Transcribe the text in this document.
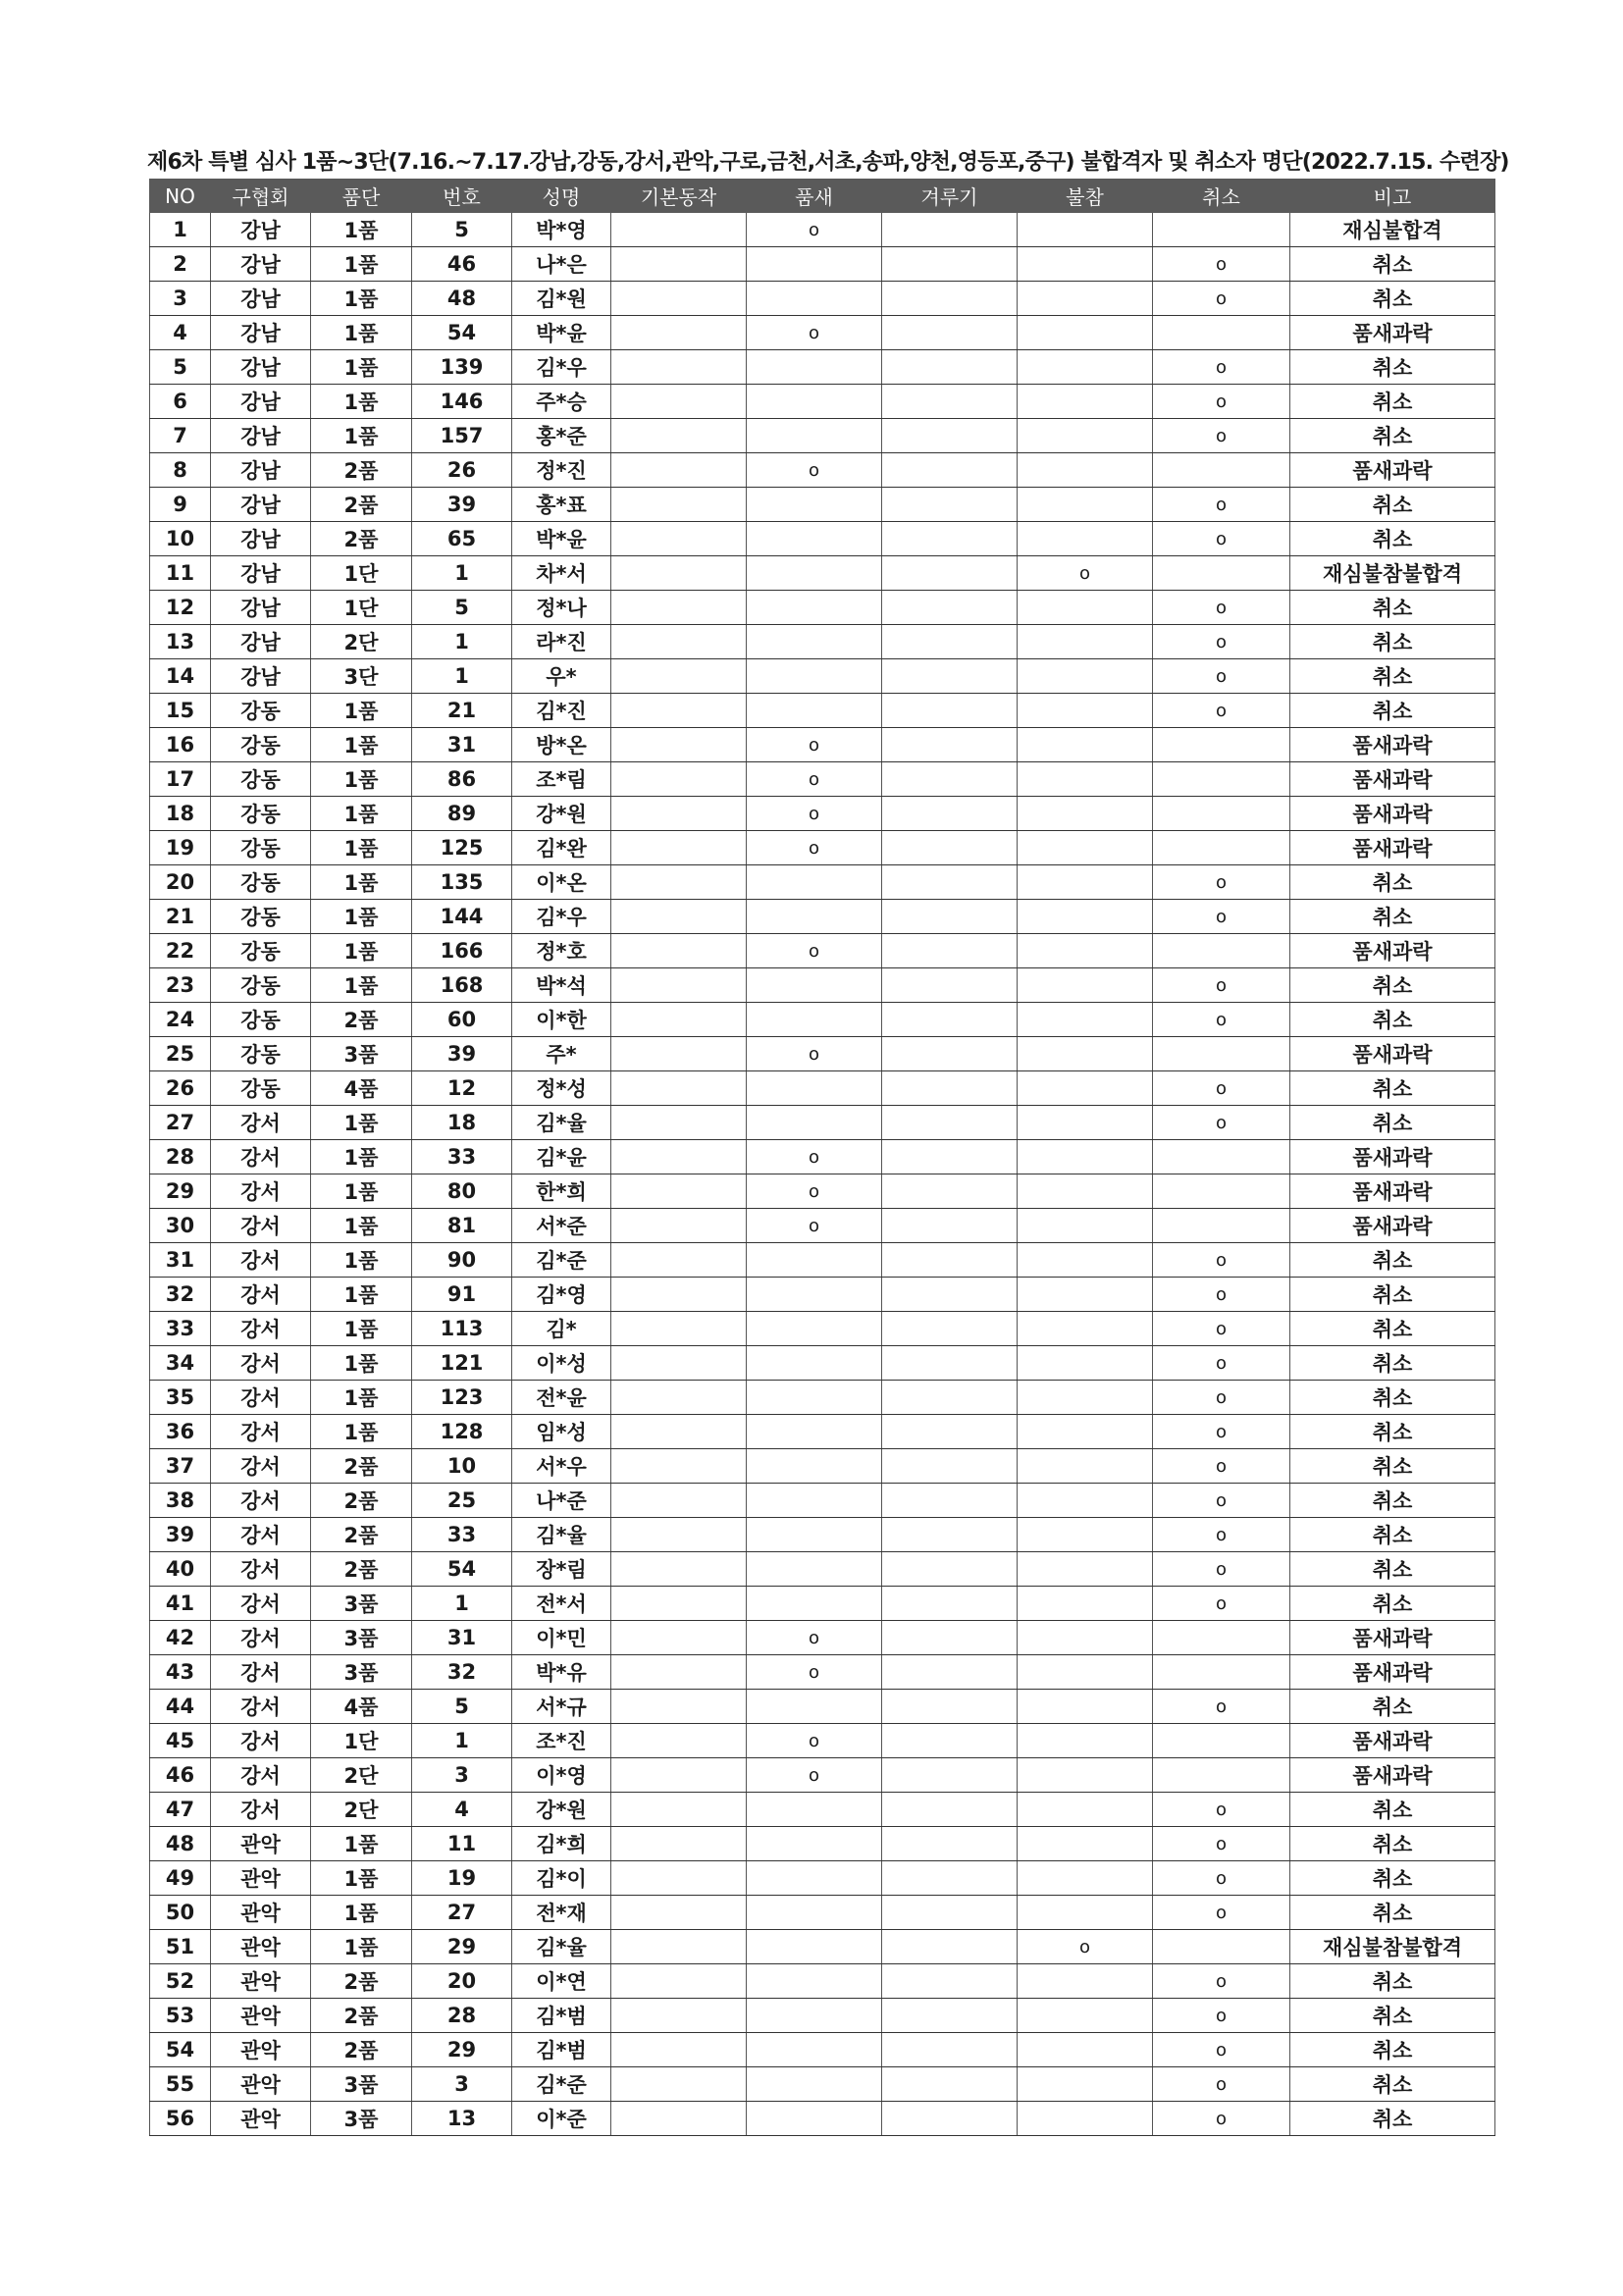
제6차 특별 심사 1품~3단(7.16.~7.17.강남,강동,강서,관악,구로,금천,서초,송파,양천,영등포,중구) 불합격자 및 취소자 명단(2022.7.15. 수련장)
NO	구협회	품단	번호	성명	기본동작	품새	겨루기	불참	취소	비고
1	강남	1품	5	박*영		o				재심불합격
2	강남	1품	46	나*은					o	취소
3	강남	1품	48	김*원					o	취소
4	강남	1품	54	박*윤		o				품새과락
5	강남	1품	139	김*우					o	취소
6	강남	1품	146	주*승					o	취소
7	강남	1품	157	홍*준					o	취소
8	강남	2품	26	정*진		o				품새과락
9	강남	2품	39	홍*표					o	취소
10	강남	2품	65	박*윤					o	취소
11	강남	1단	1	차*서				o		재심불참불합격
12	강남	1단	5	정*나					o	취소
13	강남	2단	1	라*진					o	취소
14	강남	3단	1	우*					o	취소
15	강동	1품	21	김*진					o	취소
16	강동	1품	31	방*온		o				품새과락
17	강동	1품	86	조*림		o				품새과락
18	강동	1품	89	강*원		o				품새과락
19	강동	1품	125	김*완		o				품새과락
20	강동	1품	135	이*온					o	취소
21	강동	1품	144	김*우					o	취소
22	강동	1품	166	정*호		o				품새과락
23	강동	1품	168	박*석					o	취소
24	강동	2품	60	이*한					o	취소
25	강동	3품	39	주*		o				품새과락
26	강동	4품	12	정*성					o	취소
27	강서	1품	18	김*율					o	취소
28	강서	1품	33	김*윤		o				품새과락
29	강서	1품	80	한*희		o				품새과락
30	강서	1품	81	서*준		o				품새과락
31	강서	1품	90	김*준					o	취소
32	강서	1품	91	김*영					o	취소
33	강서	1품	113	김*					o	취소
34	강서	1품	121	이*성					o	취소
35	강서	1품	123	전*윤					o	취소
36	강서	1품	128	임*성					o	취소
37	강서	2품	10	서*우					o	취소
38	강서	2품	25	나*준					o	취소
39	강서	2품	33	김*율					o	취소
40	강서	2품	54	장*림					o	취소
41	강서	3품	1	전*서					o	취소
42	강서	3품	31	이*민		o				품새과락
43	강서	3품	32	박*유		o				품새과락
44	강서	4품	5	서*규					o	취소
45	강서	1단	1	조*진		o				품새과락
46	강서	2단	3	이*영		o				품새과락
47	강서	2단	4	강*원					o	취소
48	관악	1품	11	김*희					o	취소
49	관악	1품	19	김*이					o	취소
50	관악	1품	27	전*재					o	취소
51	관악	1품	29	김*율				o		재심불참불합격
52	관악	2품	20	이*연					o	취소
53	관악	2품	28	김*범					o	취소
54	관악	2품	29	김*범					o	취소
55	관악	3품	3	김*준					o	취소
56	관악	3품	13	이*준					o	취소
